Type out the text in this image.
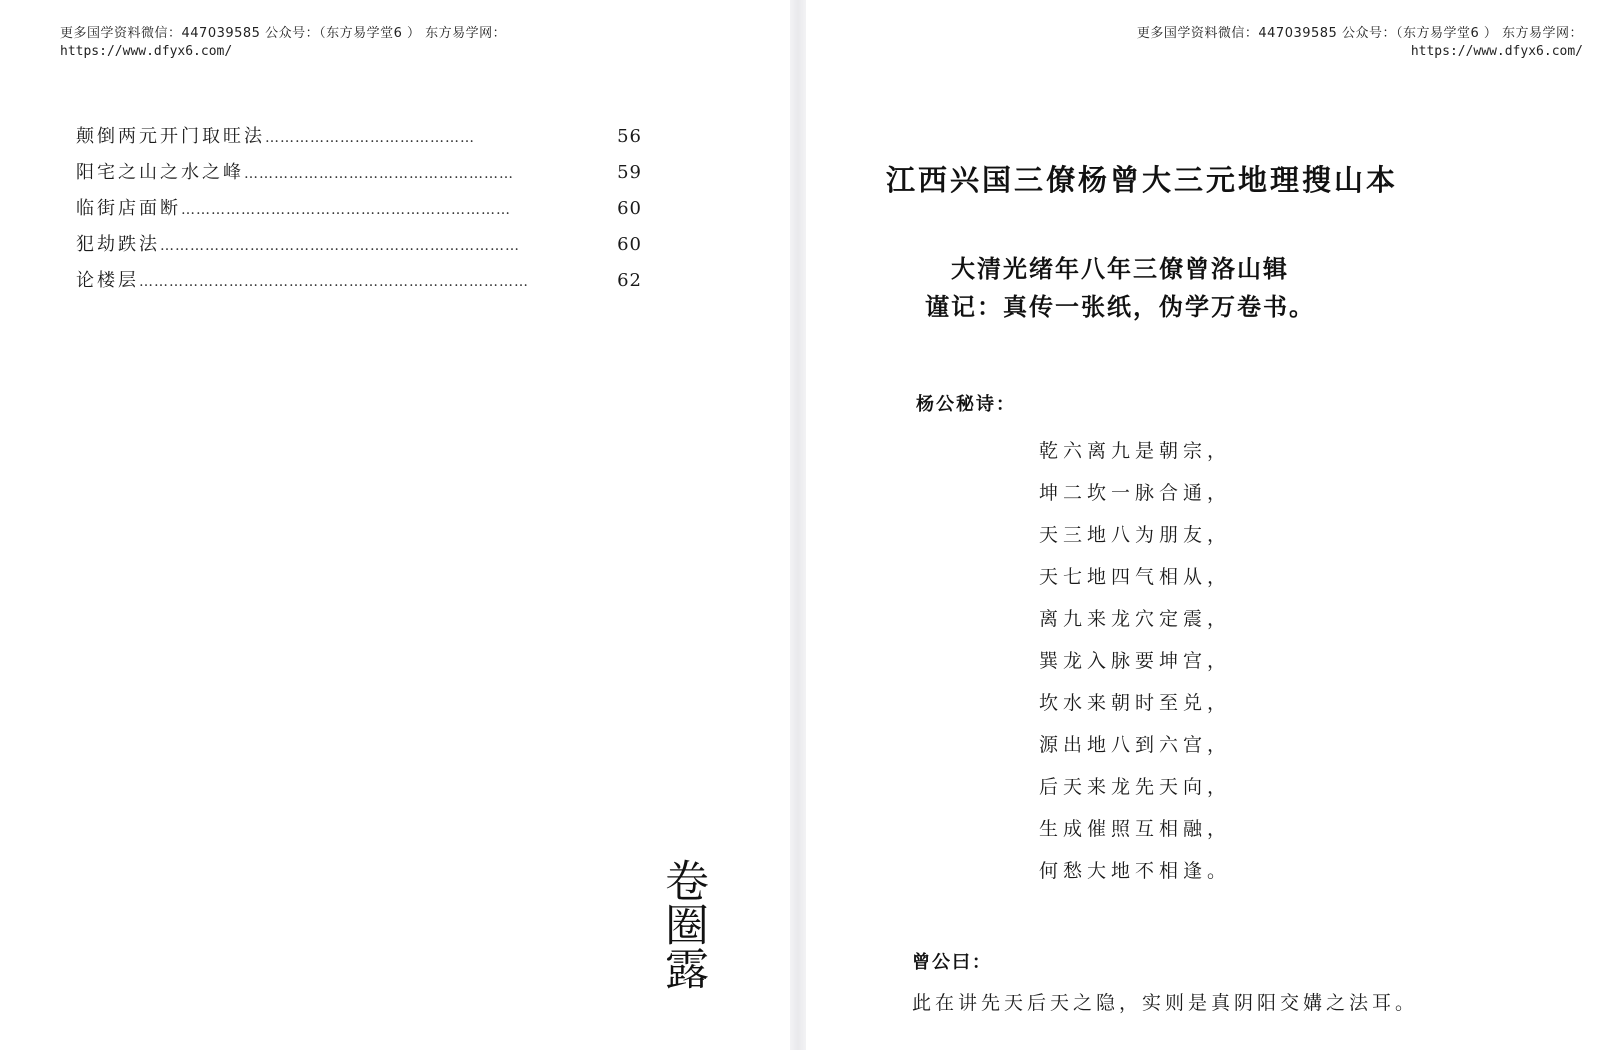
更多国学资料微信：447039585 公众号：（东方易学堂6 ） 东方易学网：
https://www.dfyx6.com/
颠倒两元开门取旺法 ……………………………………	56
阳宅之山之水之峰 ………………………………………………	59
临街店面断 …………………………………………………………	60
犯劫跌法 ………………………………………………………………	60
论楼层 ……………………………………………………………………	62
卷圈露
更多国学资料微信：447039585 公众号：（东方易学堂6 ） 东方易学网：
https://www.dfyx6.com/
江西兴国三僚杨曾大三元地理搜山本
大清光绪年八年三僚曾洛山辑
谨记：真传一张纸，伪学万卷书。
杨公秘诗：
乾六离九是朝宗，
坤二坎一脉合通，
天三地八为朋友，
天七地四气相从，
离九来龙穴定震，
巽龙入脉要坤宫，
坎水来朝时至兑，
源出地八到六宫，
后天来龙先天向，
生成催照互相融，
何愁大地不相逢。
曾公曰：
此在讲先天后天之隐，实则是真阴阳交媾之法耳。
